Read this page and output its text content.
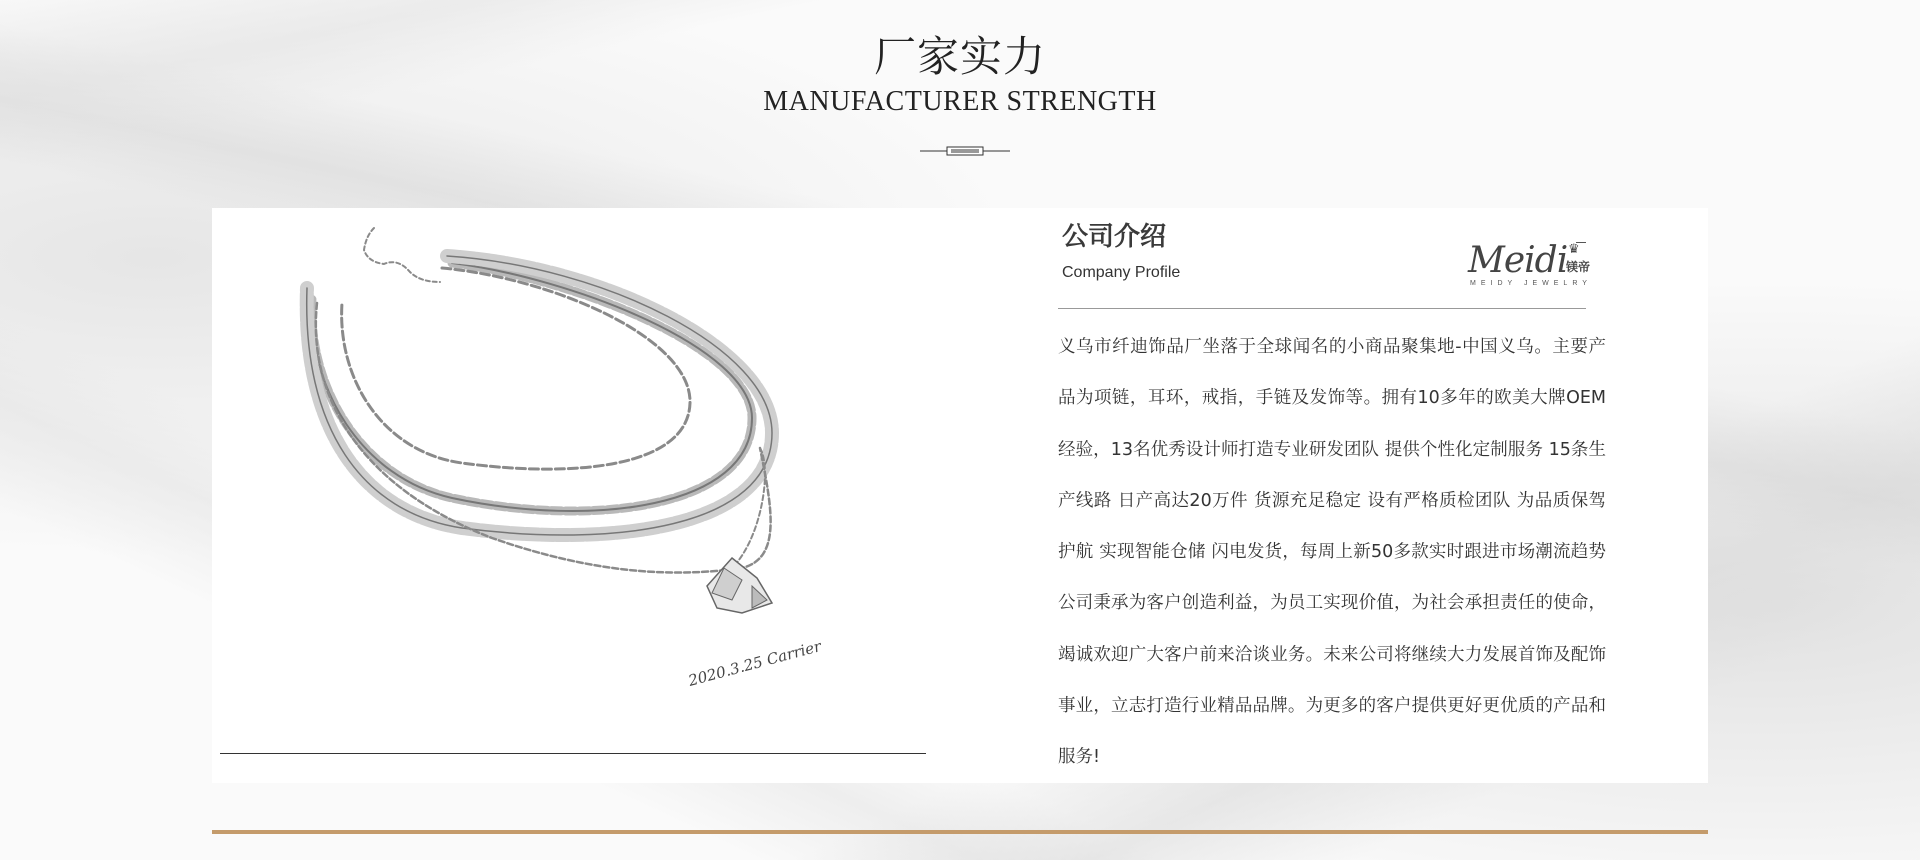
厂家实力
MANUFACTURER STRENGTH
2020.3.25 Carrier
公司介绍
Company Profile	Meidi ♛
镁帝
MEIDY JEWELRY
义乌市纤迪饰品厂坐落于全球闻名的小商品聚集地-中国义乌。主要产品为项链，耳环，戒指，手链及发饰等。拥有10多年的欧美大牌OEM经验，13名优秀设计师打造专业研发团队 提供个性化定制服务 15条生产线路 日产高达20万件 货源充足稳定 设有严格质检团队 为品质保驾护航 实现智能仓储 闪电发货，每周上新50多款实时跟进市场潮流趋势 公司秉承为客户创造利益，为员工实现价值，为社会承担责任的使命，竭诚欢迎广大客户前来洽谈业务。未来公司将继续大力发展首饰及配饰事业，立志打造行业精品品牌。为更多的客户提供更好更优质的产品和服务!
